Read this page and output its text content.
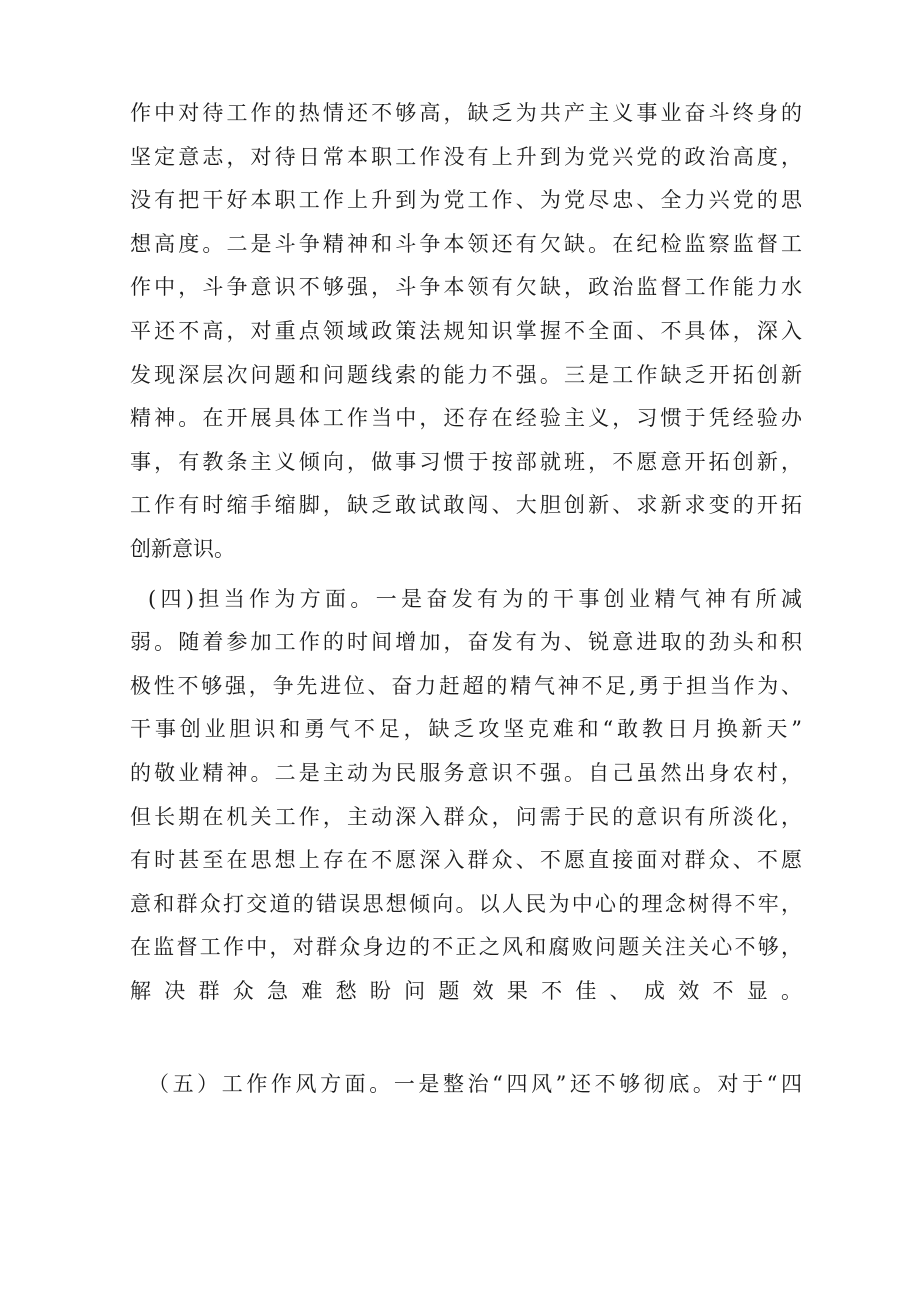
作中对待工作的热情还不够高，缺乏为共产主义事业奋斗终身的
坚定意志，对待日常本职工作没有上升到为党兴党的政治高度，
没有把干好本职工作上升到为党工作、为党尽忠、全力兴党的思
想高度。二是斗争精神和斗争本领还有欠缺。在纪检监察监督工
作中，斗争意识不够强，斗争本领有欠缺，政治监督工作能力水
平还不高，对重点领域政策法规知识掌握不全面、不具体，深入
发现深层次问题和问题线索的能力不强。三是工作缺乏开拓创新
精神。在开展具体工作当中，还存在经验主义，习惯于凭经验办
事，有教条主义倾向，做事习惯于按部就班，不愿意开拓创新，
工作有时缩手缩脚，缺乏敢试敢闯、大胆创新、求新求变的开拓
创新意识。
(四)担当作为方面。一是奋发有为的干事创业精气神有所减
弱。随着参加工作的时间增加，奋发有为、锐意进取的劲头和积
极性不够强，争先进位、奋力赶超的精气神不足,勇于担当作为、
干事创业胆识和勇气不足，缺乏攻坚克难和“敢教日月换新天”
的敬业精神。二是主动为民服务意识不强。自己虽然出身农村，
但长期在机关工作，主动深入群众，问需于民的意识有所淡化，
有时甚至在思想上存在不愿深入群众、不愿直接面对群众、不愿
意和群众打交道的错误思想倾向。以人民为中心的理念树得不牢，
在监督工作中，对群众身边的不正之风和腐败问题关注关心不够，
解决群众急难愁盼问题效果不佳、成效不显。
（五）工作作风方面。一是整治“四风”还不够彻底。对于“四
